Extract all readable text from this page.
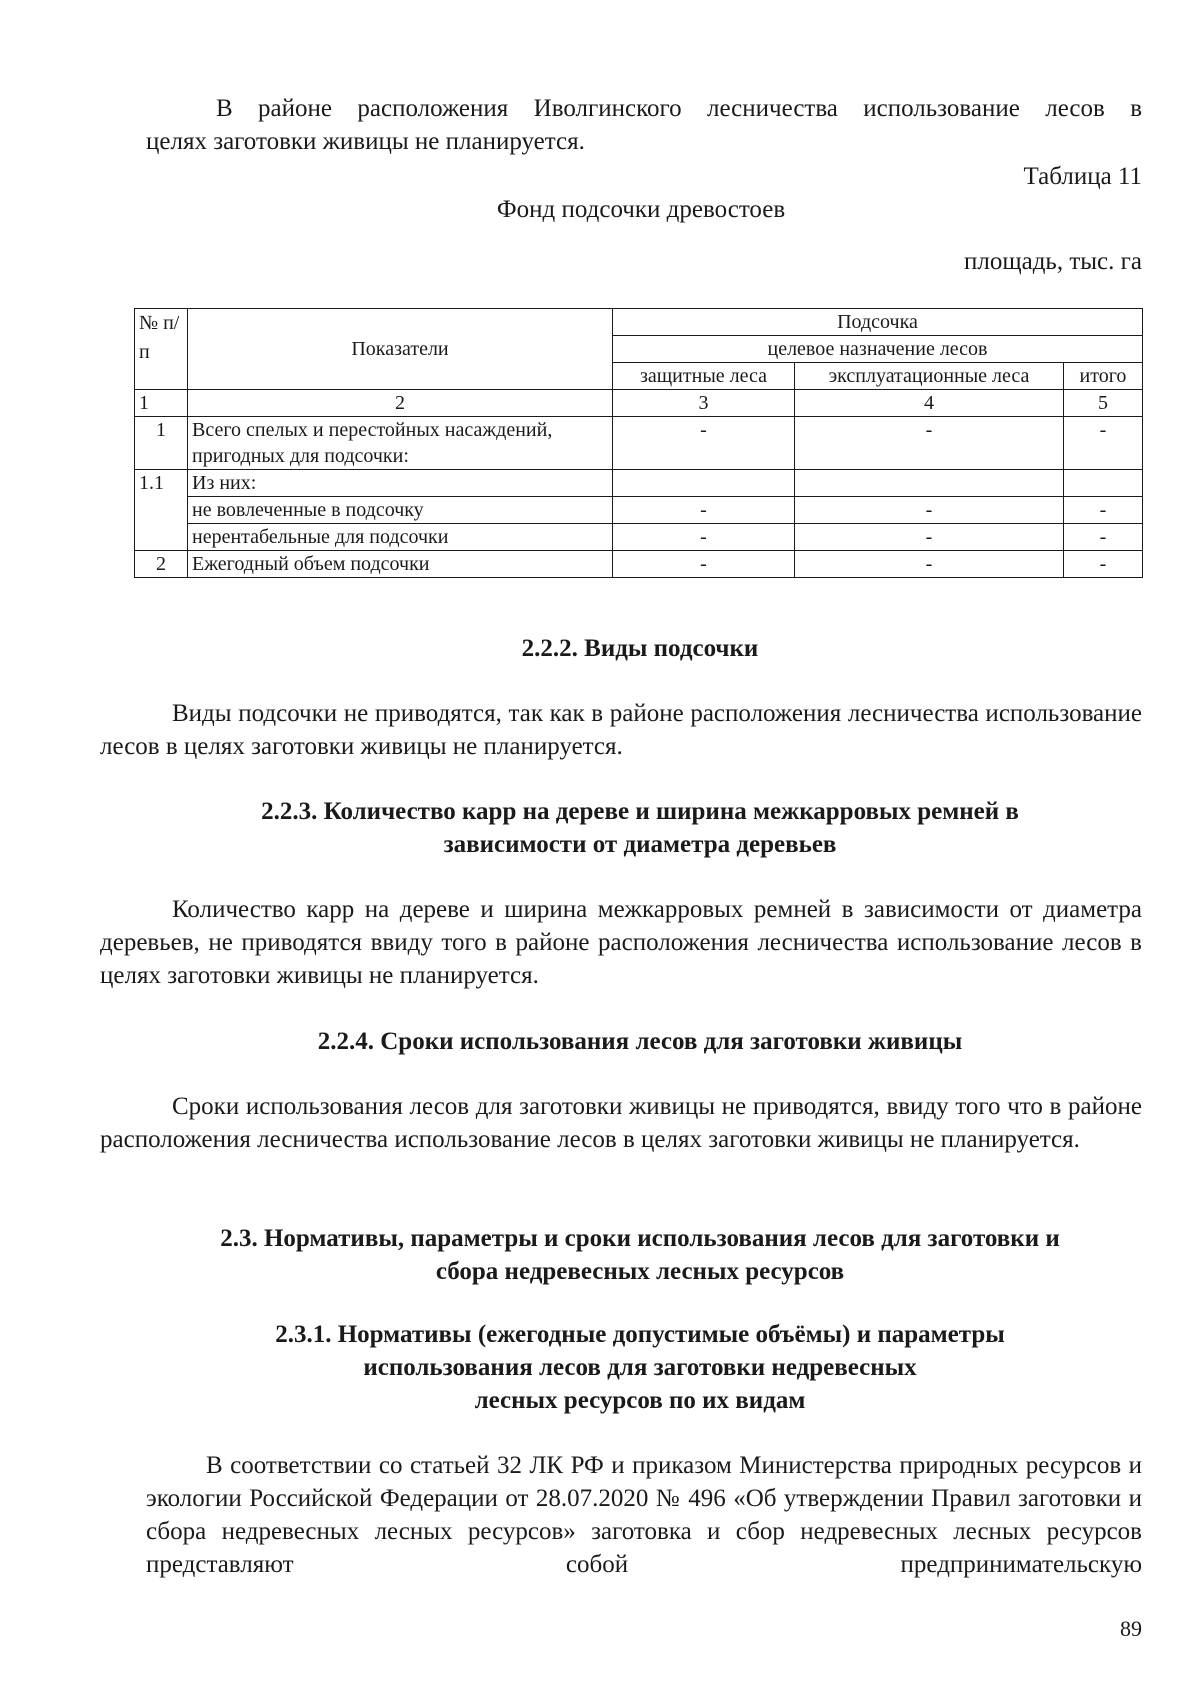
В районе расположения Иволгинского лесничества использование лесов в

целях заготовки живицы не планируется.

Таблица 11

Фонд подсочки древостоев

площадь, тыс. га

№ п/п	Показатели	Подсочка		
		целевое назначение лесов		
		защитные леса	эксплуатационные леса	итого
1	2	3	4	5
1	Всего спелых и перестойных насаждений, пригодных для подсочки:	-	-	-
1.1	Из них:			
	не вовлеченные в подсочку	-	-	-
	нерентабельные для подсочки	-	-	-
2	Ежегодный объем подсочки	-	-	-

2.2.2. Виды подсочки

Виды подсочки не приводятся, так как в районе расположения лесничества использование лесов в целях заготовки живицы не планируется.

2.2.3. Количество карр на дереве и ширина межкарровых ремней в

зависимости от диаметра деревьев

Количество карр на дереве и ширина межкарровых ремней в зависимости от диаметра деревьев, не приводятся ввиду того в районе расположения лесничества использование лесов в целях заготовки живицы не планируется.

2.2.4. Сроки использования лесов для заготовки живицы

Сроки использования лесов для заготовки живицы не приводятся, ввиду того что в районе расположения лесничества использование лесов в целях заготовки живицы не планируется.

2.3. Нормативы, параметры и сроки использования лесов для заготовки и

сбора недревесных лесных ресурсов

2.3.1. Нормативы (ежегодные допустимые объёмы) и параметры

использования лесов для заготовки недревесных

лесных ресурсов по их видам

В соответствии со статьей 32 ЛК РФ и приказом Министерства природных ресурсов и экологии Российской Федерации от 28.07.2020 № 496 «Об утверждении Правил заготовки и сбора недревесных лесных ресурсов» заготовка и сбор недревесных лесных ресурсов представляют собой предпринимательскую

89
